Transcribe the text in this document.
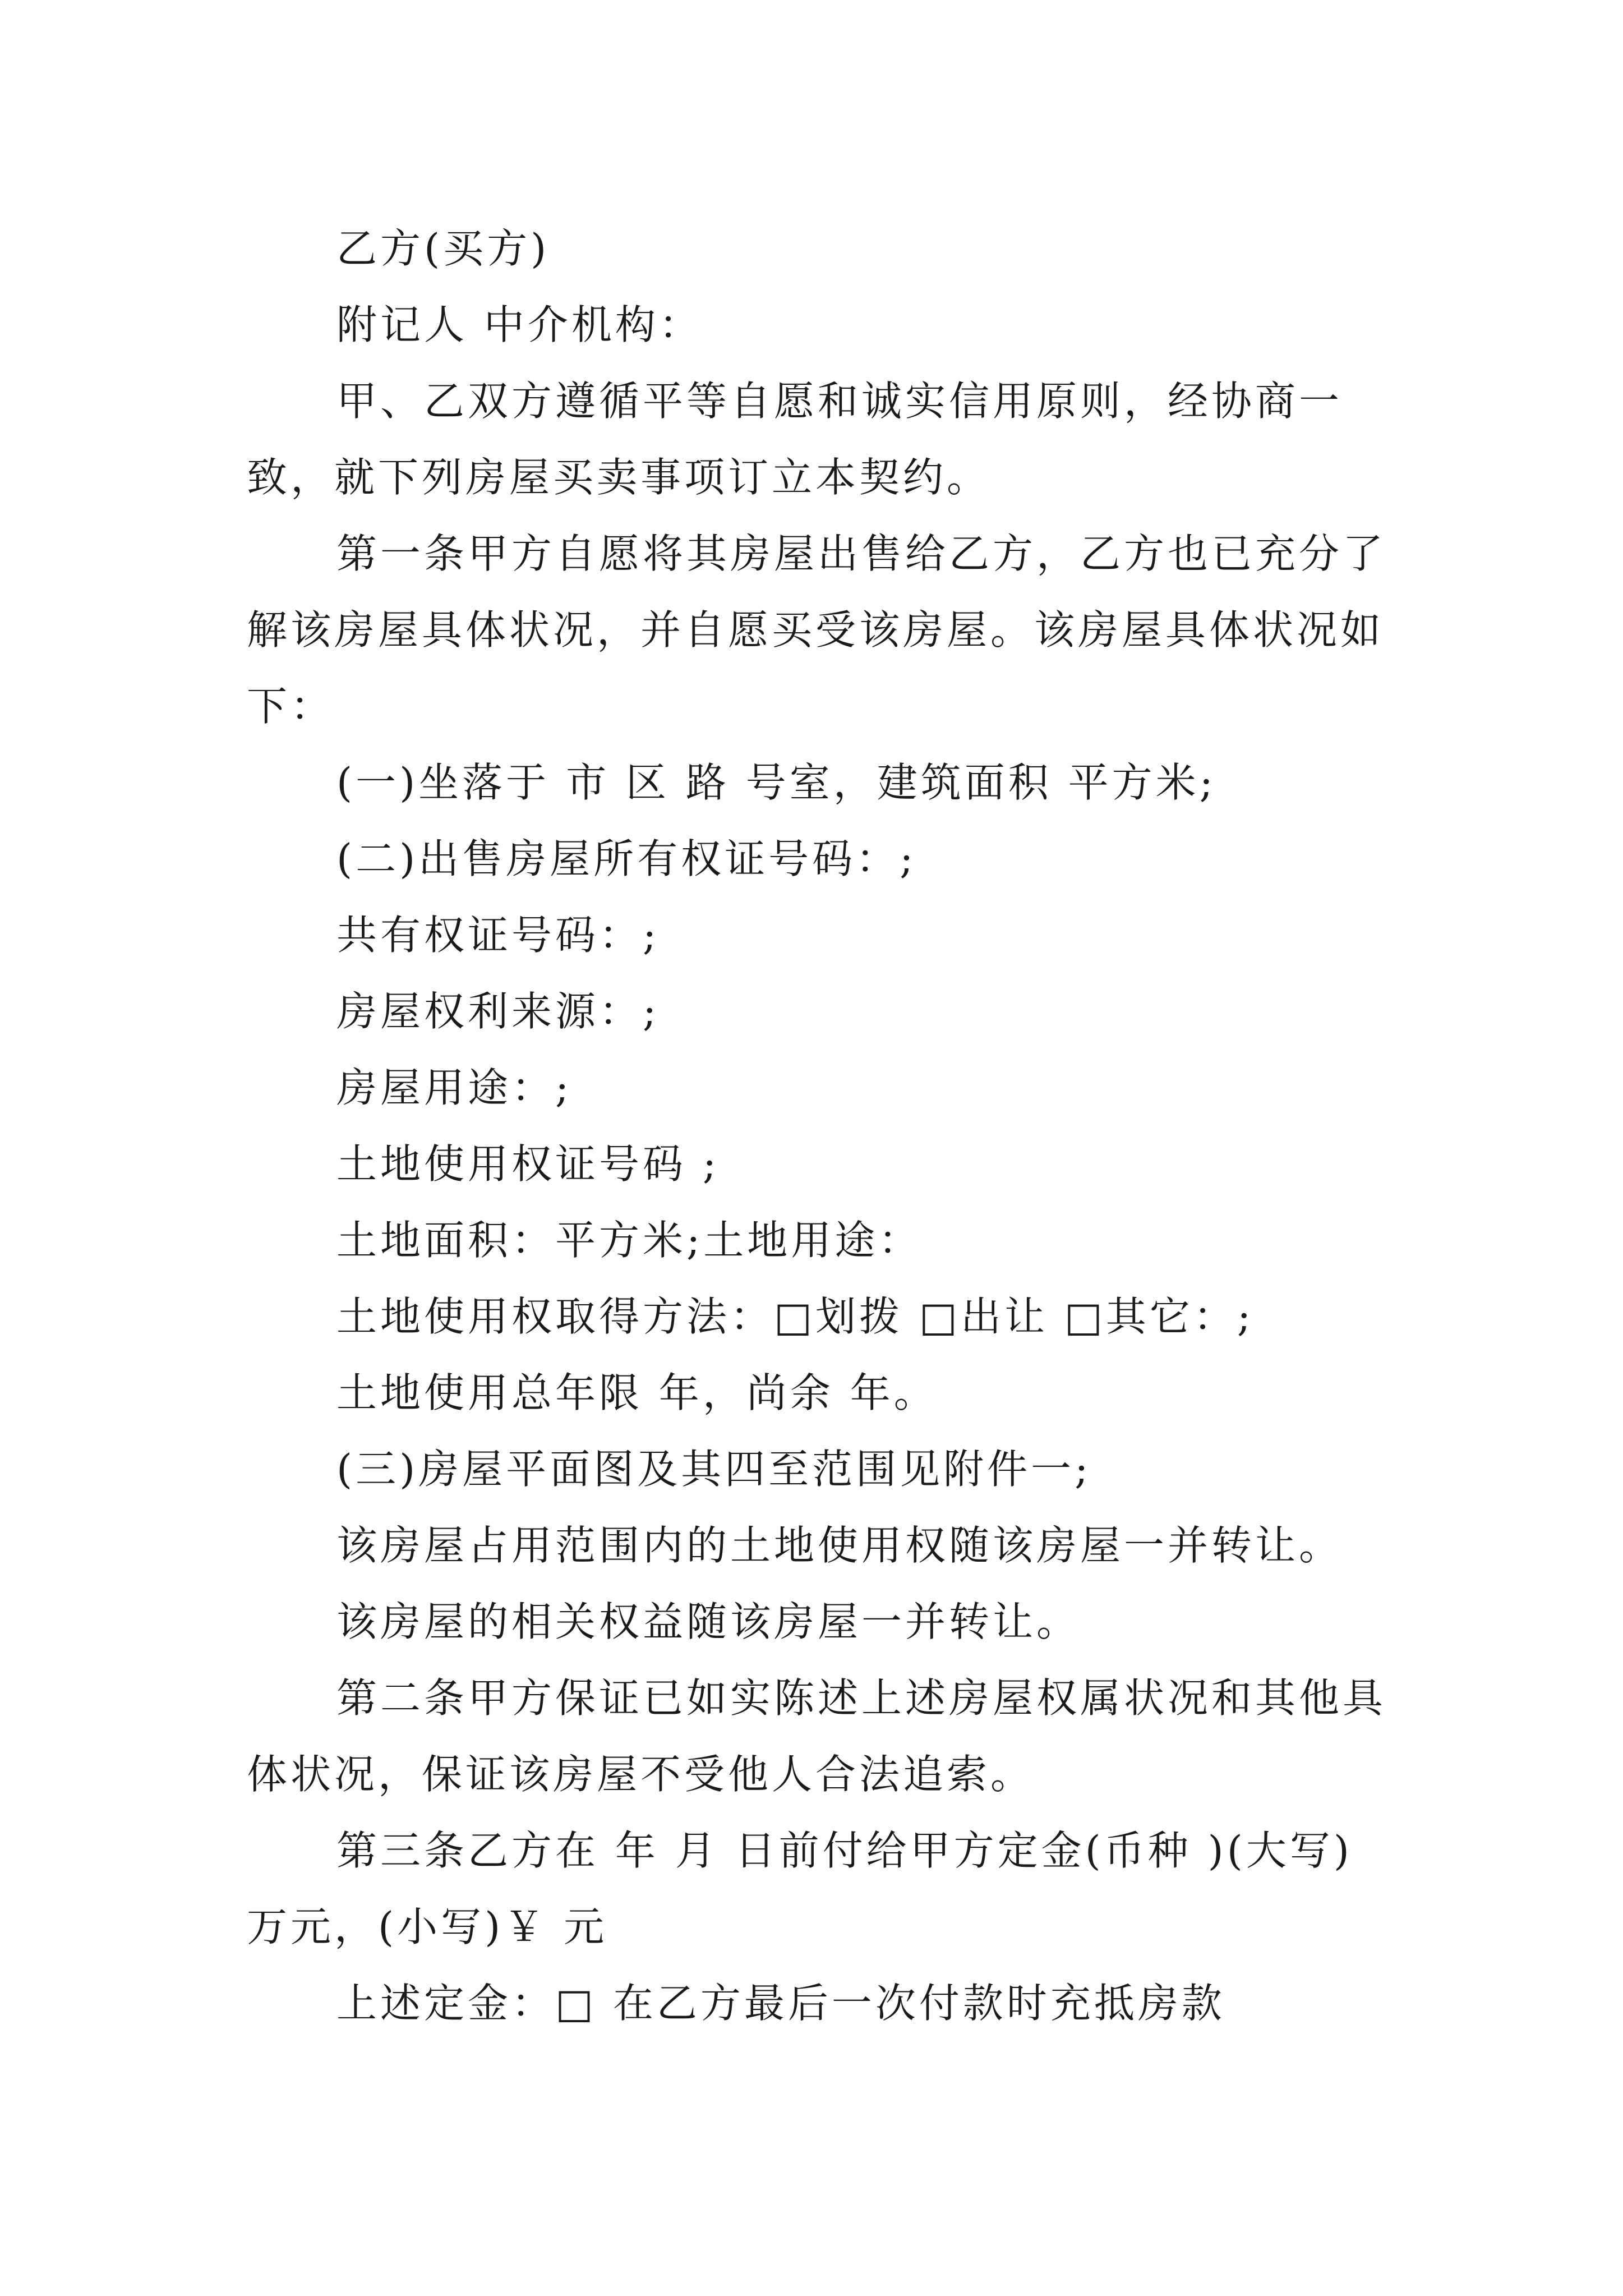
乙方(买方)

附记人 中介机构：

甲、乙双方遵循平等自愿和诚实信用原则，经协商一致，就下列房屋买卖事项订立本契约。

第一条甲方自愿将其房屋出售给乙方，乙方也已充分了解该房屋具体状况，并自愿买受该房屋。该房屋具体状况如下：

(一)坐落于 市 区 路 号室，建筑面积 平方米;

(二)出售房屋所有权证号码：;

共有权证号码：;

房屋权利来源：;

房屋用途：;

土地使用权证号码 ;

土地面积：平方米;土地用途：

土地使用权取得方法：□划拨 □出让 □其它：;

土地使用总年限 年，尚余 年。

(三)房屋平面图及其四至范围见附件一;

该房屋占用范围内的土地使用权随该房屋一并转让。

该房屋的相关权益随该房屋一并转让。

第二条甲方保证已如实陈述上述房屋权属状况和其他具体状况，保证该房屋不受他人合法追索。

第三条乙方在 年 月 日前付给甲方定金(币种 )(大写) 万元，(小写)￥ 元

上述定金：□ 在乙方最后一次付款时充抵房款
